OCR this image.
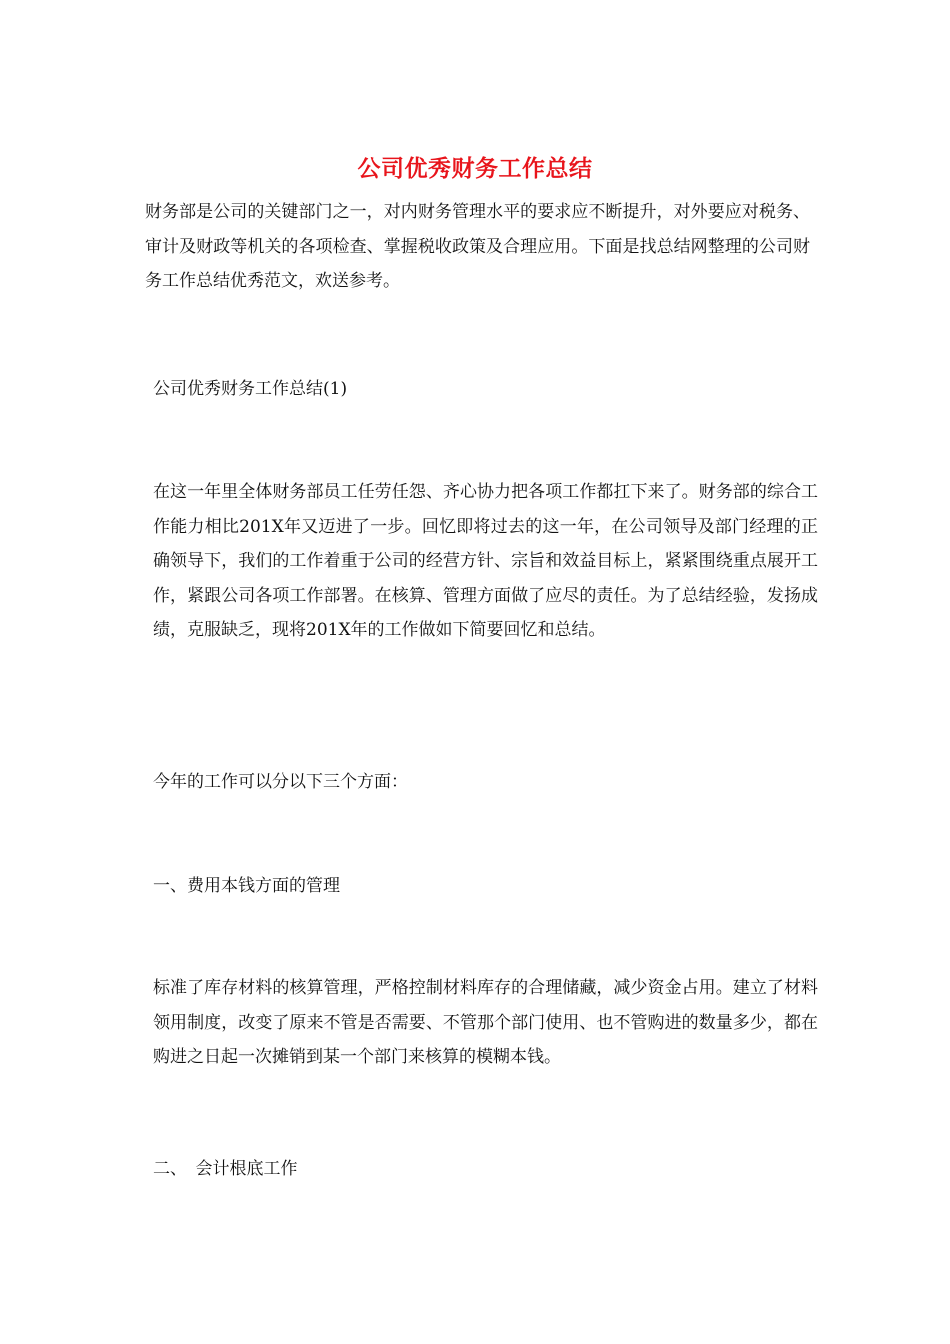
公司优秀财务工作总结

财务部是公司的关键部门之一，对内财务管理水平的要求应不断提升，对外要应对税务、审计及财政等机关的各项检查、掌握税收政策及合理应用。下面是找总结网整理的公司财务工作总结优秀范文，欢送参考。

公司优秀财务工作总结(1)

在这一年里全体财务部员工任劳任怨、齐心协力把各项工作都扛下来了。财务部的综合工作能力相比201X年又迈进了一步。回忆即将过去的这一年，在公司领导及部门经理的正确领导下，我们的工作着重于公司的经营方针、宗旨和效益目标上，紧紧围绕重点展开工作，紧跟公司各项工作部署。在核算、管理方面做了应尽的责任。为了总结经验，发扬成绩，克服缺乏，现将201X年的工作做如下简要回忆和总结。

今年的工作可以分以下三个方面：

一、费用本钱方面的管理

标准了库存材料的核算管理，严格控制材料库存的合理储藏，减少资金占用。建立了材料领用制度，改变了原来不管是否需要、不管那个部门使用、也不管购进的数量多少，都在购进之日起一次摊销到某一个部门来核算的模糊本钱。

二、　会计根底工作
